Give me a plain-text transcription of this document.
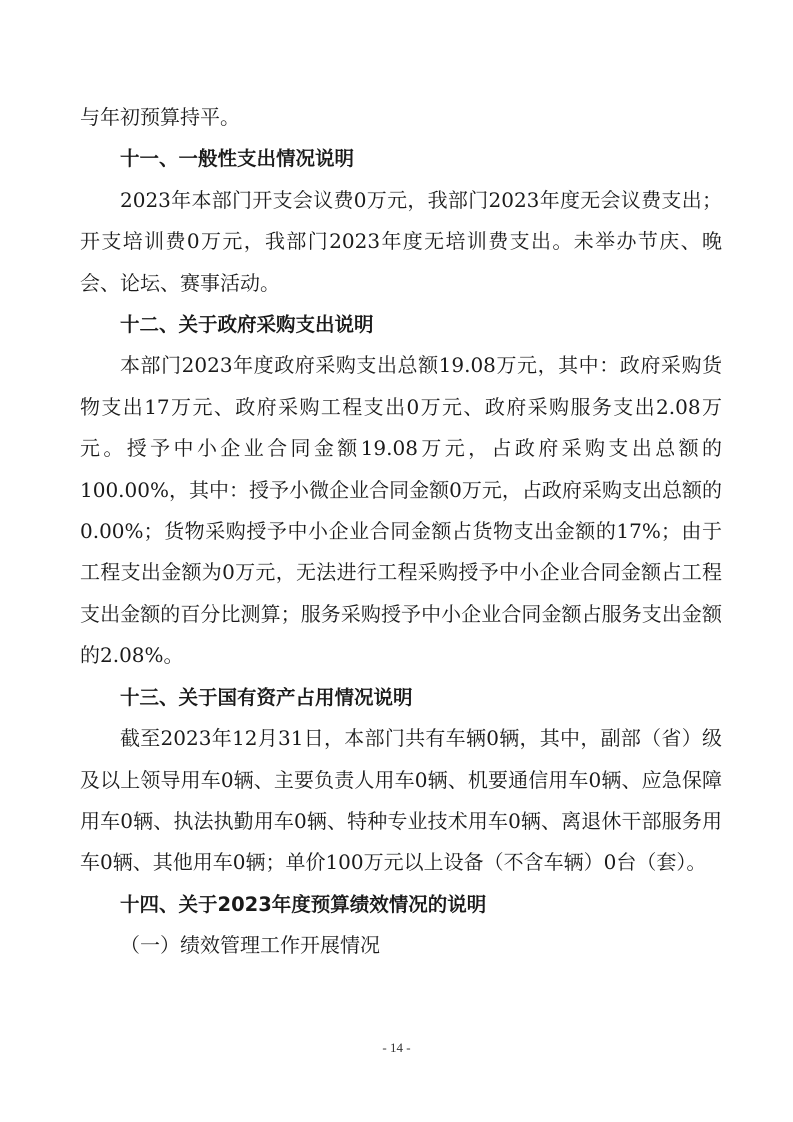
与年初预算持平。

十一、一般性支出情况说明

2023年本部门开支会议费0万元，我部门2023年度无会议费支出；开支培训费0万元，我部门2023年度无培训费支出。未举办节庆、晚会、论坛、赛事活动。

十二、关于政府采购支出说明

本部门2023年度政府采购支出总额19.08万元，其中：政府采购货物支出17万元、政府采购工程支出0万元、政府采购服务支出2.08万元。授予中小企业合同金额19.08万元，占政府采购支出总额的100.00%，其中：授予小微企业合同金额0万元，占政府采购支出总额的0.00%；货物采购授予中小企业合同金额占货物支出金额的17%；由于工程支出金额为0万元，无法进行工程采购授予中小企业合同金额占工程支出金额的百分比测算；服务采购授予中小企业合同金额占服务支出金额的2.08%。

十三、关于国有资产占用情况说明

截至2023年12月31日，本部门共有车辆0辆，其中，副部（省）级及以上领导用车0辆、主要负责人用车0辆、机要通信用车0辆、应急保障用车0辆、执法执勤用车0辆、特种专业技术用车0辆、离退休干部服务用车0辆、其他用车0辆；单价100万元以上设备（不含车辆）0台（套）。

十四、关于2023年度预算绩效情况的说明

（一）绩效管理工作开展情况

- 14 -
